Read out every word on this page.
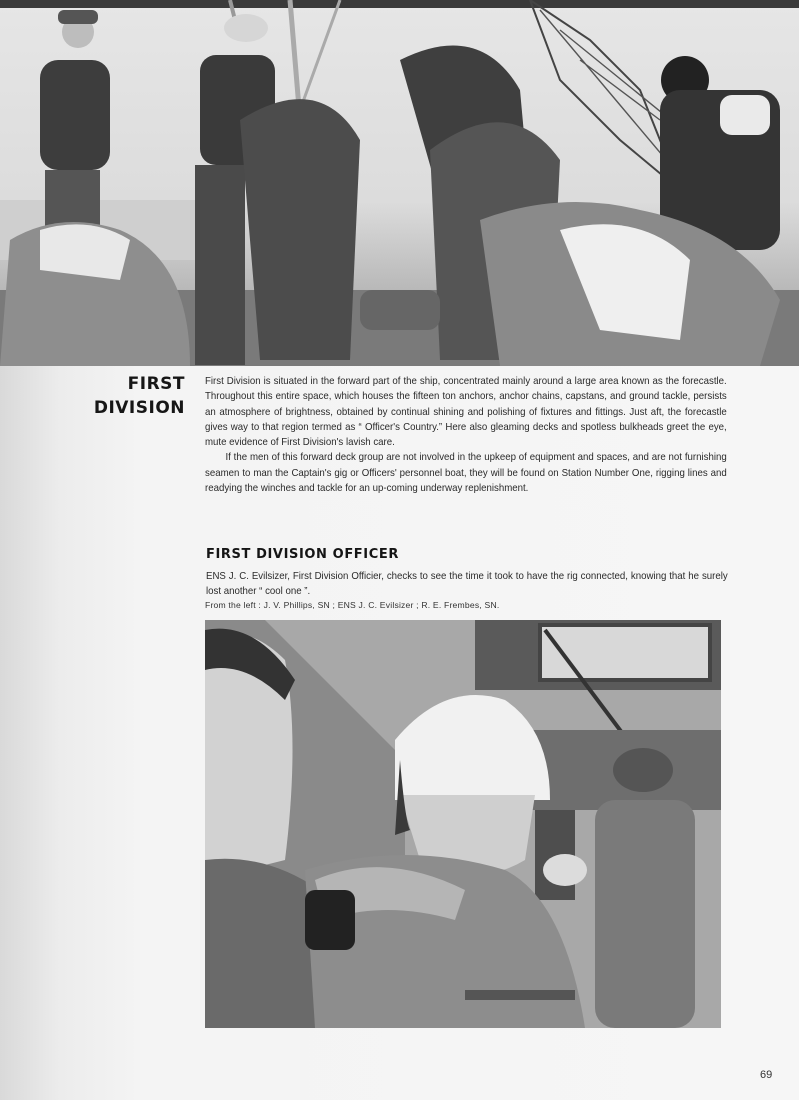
FIRST
DIVISION

First Division is situated in the forward part of the ship, concentrated mainly around a large area known as the forecastle. Throughout this entire space, which houses the fifteen ton anchors, anchor chains, capstans, and ground tackle, persists an atmosphere of brightness, obtained by continual shining and polishing of fixtures and fittings. Just aft, the forecastle gives way to that region termed as “ Officer's Country.” Here also gleaming decks and spotless bulkheads greet the eye, mute evidence of First Division's lavish care.

If the men of this forward deck group are not involved in the upkeep of equipment and spaces, and are not furnishing seamen to man the Captain's gig or Officers' personnel boat, they will be found on Station Number One, rigging lines and readying the winches and tackle for an up-coming underway replenishment.

FIRST DIVISION OFFICER
ENS J. C. Evilsizer, First Division Officier, checks to see the time it took to have the rig connected, knowing that he surely lost another “ cool one ”.
From the left : J. V. Phillips, SN ; ENS J. C. Evilsizer ; R. E. Frembes, SN.
69
